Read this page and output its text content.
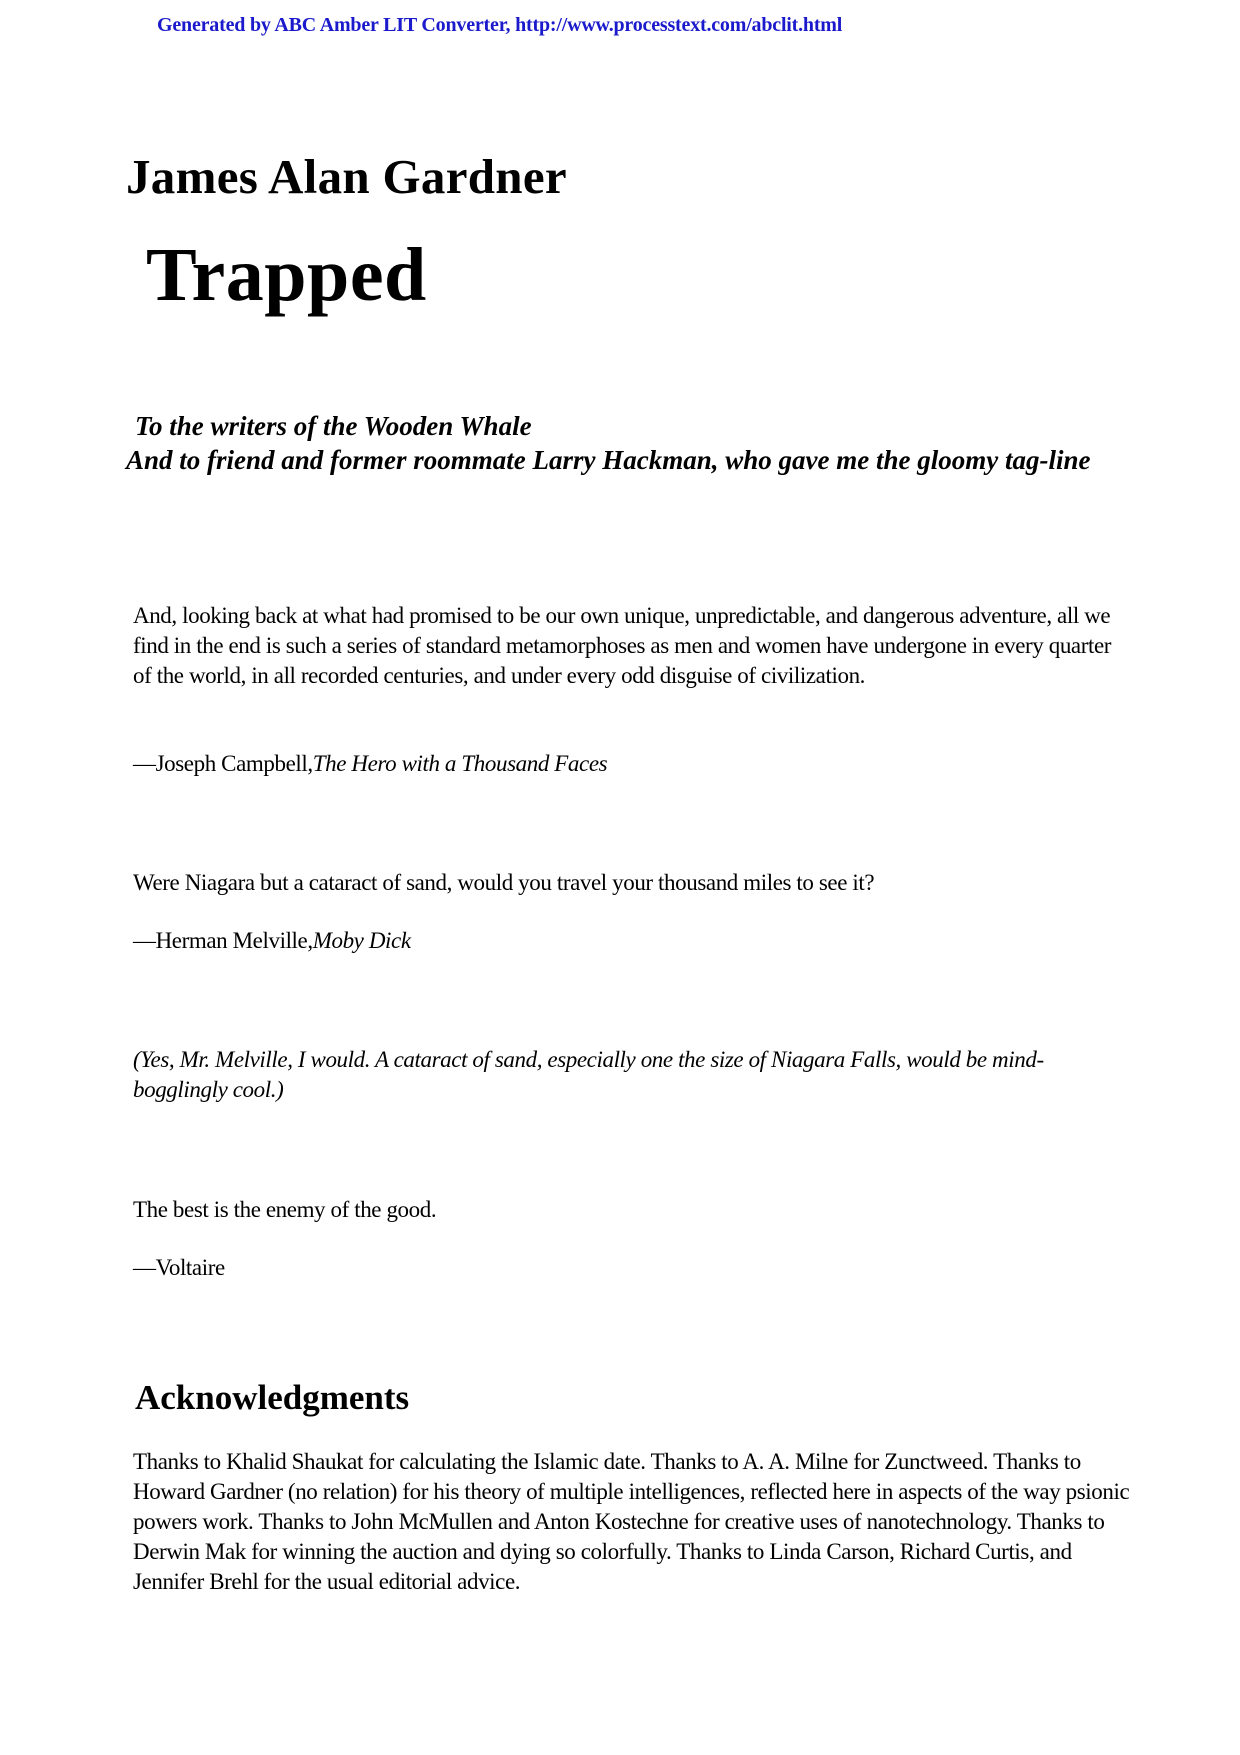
Generated by ABC Amber LIT Converter, http://www.processtext.com/abclit.html
James Alan Gardner
Trapped
To the writers of the Wooden Whale
And to friend and former roommate Larry Hackman, who gave me the gloomy tag-line
And, looking back at what had promised to be our own unique, unpredictable, and dangerous adventure, all we find in the end is such a series of standard metamorphoses as men and women have undergone in every quarter of the world, in all recorded centuries, and under every odd disguise of civilization.
—Joseph Campbell,The Hero with a Thousand Faces
Were Niagara but a cataract of sand, would you travel your thousand miles to see it?
—Herman Melville,Moby Dick
(Yes, Mr. Melville, I would. A cataract of sand, especially one the size of Niagara Falls, would be mind-bogglingly cool.)
The best is the enemy of the good.
—Voltaire
Acknowledgments
Thanks to Khalid Shaukat for calculating the Islamic date. Thanks to A. A. Milne for Zunctweed. Thanks to Howard Gardner (no relation) for his theory of multiple intelligences, reflected here in aspects of the way psionic powers work. Thanks to John McMullen and Anton Kostechne for creative uses of nanotechnology. Thanks to Derwin Mak for winning the auction and dying so colorfully. Thanks to Linda Carson, Richard Curtis, and Jennifer Brehl for the usual editorial advice.
